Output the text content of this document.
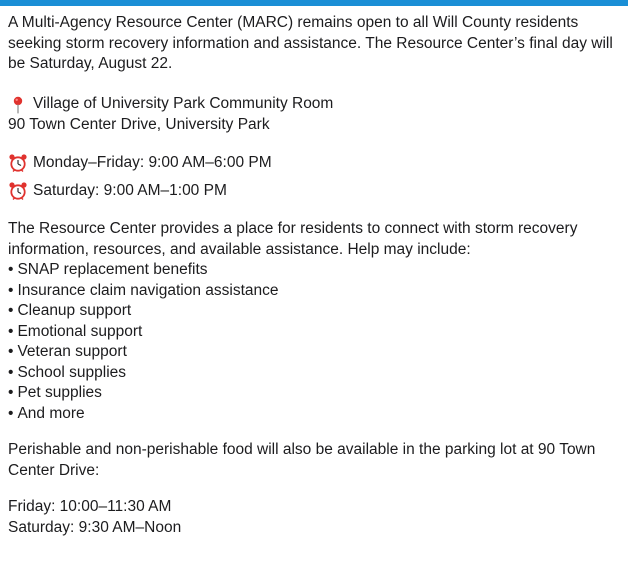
A Multi-Agency Resource Center (MARC) remains open to all Will County residents seeking storm recovery information and assistance. The Resource Center’s final day will be Saturday, August 22.

Village of University Park Community Room

90 Town Center Drive, University Park

Monday–Friday: 9:00 AM–6:00 PM
Saturday: 9:00 AM–1:00 PM

The Resource Center provides a place for residents to connect with storm recovery information, resources, and available assistance. Help may include:

• SNAP replacement benefits
• Insurance claim navigation assistance
• Cleanup support
• Emotional support
• Veteran support
• School supplies
• Pet supplies
• And more

Perishable and non-perishable food will also be available in the parking lot at 90 Town Center Drive:

Friday: 10:00–11:30 AM

Saturday: 9:30 AM–Noon
